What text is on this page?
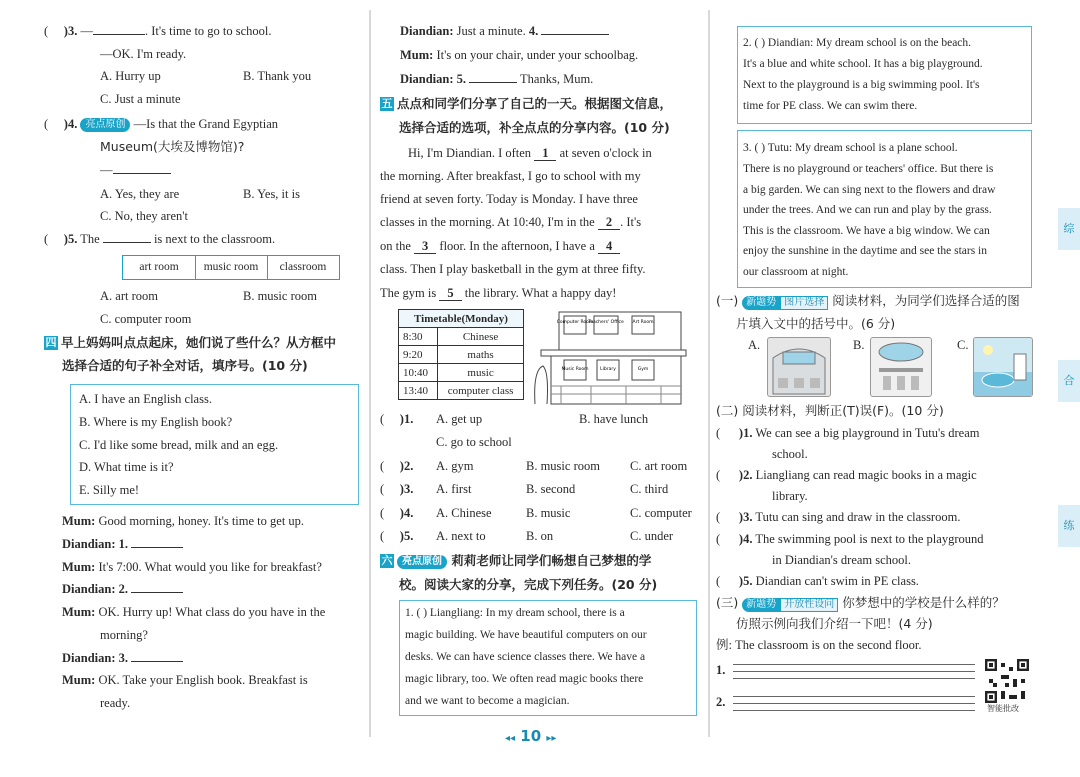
(     )3. —	. It's time to go to school.
—OK. I'm ready.
A. Hurry up	B. Thank you
C. Just a minute
(     )4. 亮点原创 —Is that the Grand Egyptian
Museum(大埃及博物馆)?
—
A. Yes, they are	B. Yes, it is
C. No, they aren't
(     )5. The	is next to the classroom.
art room	music room	classroom
A. art room	B. music room
C. computer room
四 早上妈妈叫点点起床，她们说了些什么？从方框中
选择合适的句子补全对话，填序号。(10 分)
A. I have an English class.
B. Where is my English book?
C. I'd like some bread, milk and an egg.
D. What time is it?
E. Silly me!
Mum: Good morning, honey. It's time to get up.
Diandian: 1.
Mum: It's 7:00. What would you like for breakfast?
Diandian: 2.
Mum: OK. Hurry up! What class do you have in the
morning?
Diandian: 3.
Mum: OK. Take your English book. Breakfast is
ready.
Diandian: Just a minute. 4.
Mum: It's on your chair, under your schoolbag.
Diandian: 5.	Thanks, Mum.
五 点点和同学们分享了自己的一天。根据图文信息，
选择合适的选项，补全点点的分享内容。(10 分)
Hi, I'm Diandian. I often 1 at seven o'clock in
the morning. After breakfast, I go to school with my
friend at seven forty. Today is Monday. I have three
classes in the morning. At 10:40, I'm in the 2 . It's
on the 3 floor. In the afternoon, I have a 4
class. Then I play basketball in the gym at three fifty.
The gym is 5 the library. What a happy day!
Timetable(Monday)	
8:30	Chinese
9:20	maths
10:40	music
13:40	computer class
Computer Room
Teachers' Office Art Room
Music Room	Library	Gym
(     )1. A. get up	B. have lunch
C. go to school
(     )2. A. gym	B. music room C. art room
(     )3. A. first	B. second	C. third
(     )4. A. Chinese	B. music	C. computer
(     )5. A. next to	B. on	C. under
六 亮点原创 莉莉老师让同学们畅想自己梦想的学
校。阅读大家的分享，完成下列任务。(20 分)
1. ( ) Liangliang: In my dream school, there is a
magic building. We have beautiful computers on our
desks. We can have science classes there. We have a
magic library, too. We often read magic books there
and we want to become a magician.
2. ( ) Diandian: My dream school is on the beach.
It's a blue and white school. It has a big playground.
Next to the playground is a big swimming pool. It's
time for PE class. We can swim there.
3. ( ) Tutu: My dream school is a plane school.
There is no playground or teachers' office. But there is
a big garden. We can sing next to the flowers and draw
under the trees. And we can run and play by the grass.
This is the classroom. We have a big window. We can
enjoy the sunshine in the daytime and see the stars in
our classroom at night.
(一) 新题势 图片选择 阅读材料，为同学们选择合适的图
片填入文中的括号中。(6 分)
A.	B.	C.
(二) 阅读材料，判断正(T)误(F)。(10 分)
(      )1. We can see a big playground in Tutu's dream
school.
(      )2. Liangliang can read magic books in a magic
library.
(      )3. Tutu can sing and draw in the classroom.
(      )4. The swimming pool is next to the playground
in Diandian's dream school.
(      )5. Diandian can't swim in PE class.
(三) 新题势 开放性设问 你梦想中的学校是什么样的？
仿照示例向我们介绍一下吧！(4 分)
例: The classroom is on the second floor.
1.
2.	智能批改
综
合
练
◂◂ 10 ▸▸
